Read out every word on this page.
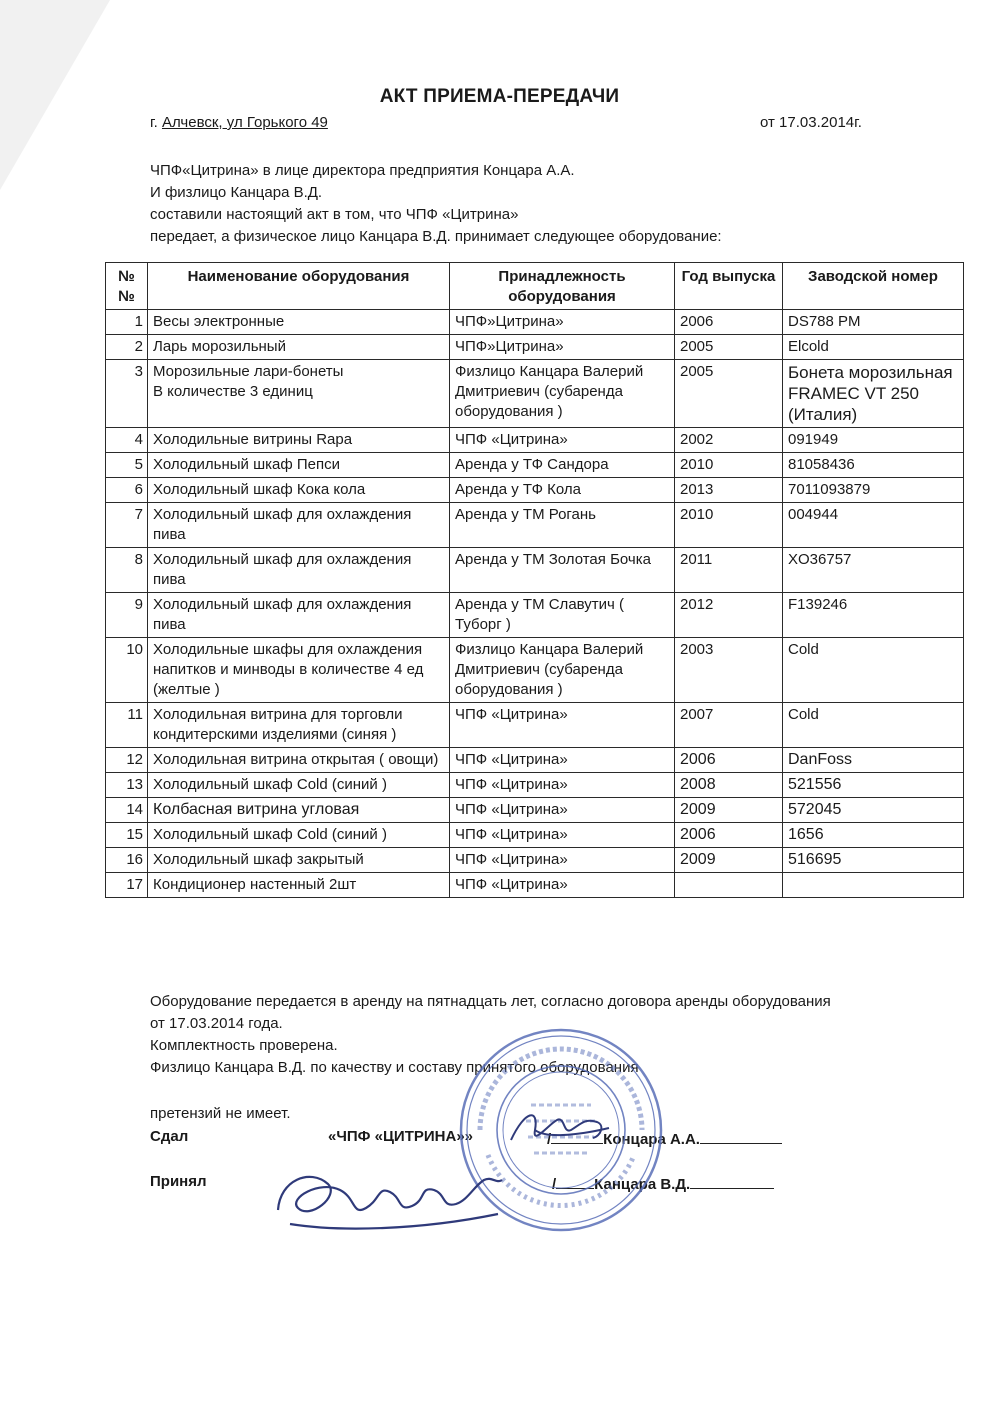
АКТ ПРИЕМА-ПЕРЕДАЧИ
г. Алчевск, ул Горького 49	от 17.03.2014г.
ЧПФ«Цитрина» в лице директора предприятия Концара А.А.
И физлицо Канцара В.Д.
составили настоящий акт в том, что ЧПФ «Цитрина»
передает, а физическое лицо Канцара В.Д. принимает следующее оборудование:
№ №	Наименование оборудования	Принадлежность оборудования	Год выпуска	Заводской номер
1	Весы электронные	ЧПФ»Цитрина»	2006	DS788 PM
2	Ларь морозильный	ЧПФ»Цитрина»	2005	Elcold
3	Морозильные лари-бонеты
В количестве 3 единиц	Физлицо Канцара Валерий Дмитриевич (субаренда оборудования )	2005	Бонета морозильная FRAMEC VT 250 (Италия)
4	Холодильные витрины Rapa	ЧПФ «Цитрина»	2002	091949
5	Холодильный шкаф Пепси	Аренда у ТФ Сандора	2010	81058436
6	Холодильный шкаф Кока кола	Аренда у ТФ Кола	2013	7011093879
7	Холодильный шкаф для охлаждения пива	Аренда у ТМ Рогань	2010	004944
8	Холодильный шкаф для охлаждения пива	Аренда у ТМ Золотая Бочка	2011	XO36757
9	Холодильный шкаф для охлаждения пива	Аренда у ТМ Славутич ( Туборг )	2012	F139246
10	Холодильные шкафы для охлаждения напитков и минводы в количестве 4 ед (желтые )	Физлицо Канцара Валерий Дмитриевич (субаренда оборудования )	2003	Cold
11	Холодильная витрина для торговли кондитерскими изделиями (синяя )	ЧПФ «Цитрина»	2007	Cold
12	Холодильная витрина открытая ( овощи)	ЧПФ «Цитрина»	2006	DanFoss
13	Холодильный шкаф Cold (синий )	ЧПФ «Цитрина»	2008	521556
14	Колбасная витрина угловая	ЧПФ «Цитрина»	2009	572045
15	Холодильный шкаф Cold (синий )	ЧПФ «Цитрина»	2006	1656
16	Холодильный шкаф закрытый	ЧПФ «Цитрина»	2009	516695
17	Кондиционер настенный 2шт	ЧПФ «Цитрина»		
Оборудование передается в аренду на пятнадцать лет, согласно договора аренды оборудования
от 17.03.2014 года.
Комплектность проверена.
Физлицо Канцара В.Д. по качеству и составу принятого оборудования
претензий не имеет.
Сдал	«ЧПФ «ЦИТРИНА»»	/	Концара А.А.
Принял	/	Канцара В.Д.
